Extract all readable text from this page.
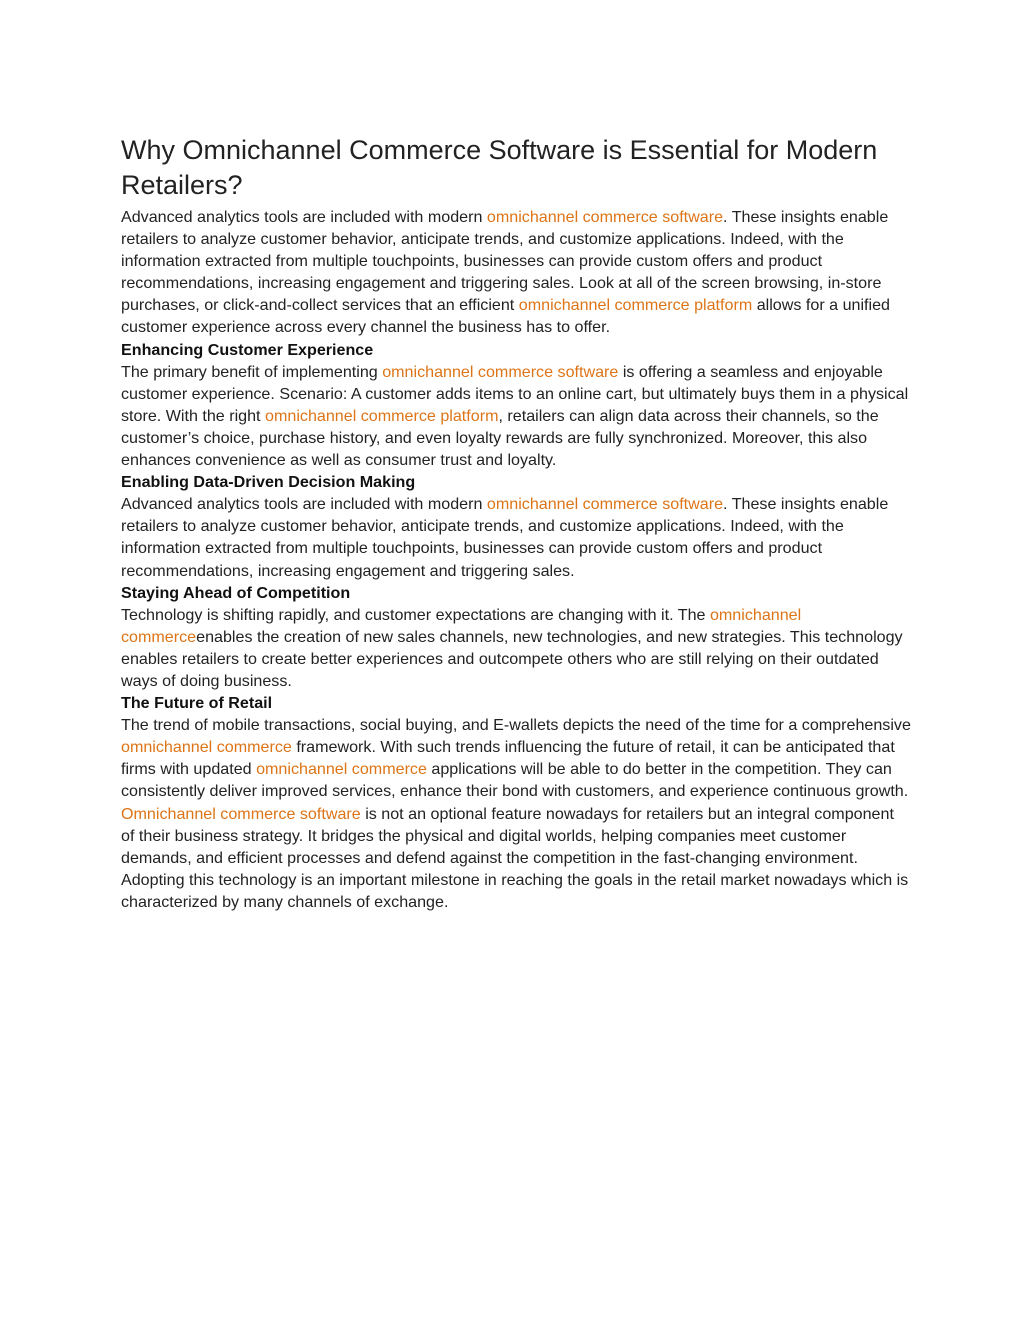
Why Omnichannel Commerce Software is Essential for Modern Retailers?

Advanced analytics tools are included with modern omnichannel commerce software. These insights enable retailers to analyze customer behavior, anticipate trends, and customize applications. Indeed, with the information extracted from multiple touchpoints, businesses can provide custom offers and product recommendations, increasing engagement and triggering sales. Look at all of the screen browsing, in-store purchases, or click-and-collect services that an efficient omnichannel commerce platform allows for a unified customer experience across every channel the business has to offer.

Enhancing Customer Experience

The primary benefit of implementing omnichannel commerce software is offering a seamless and enjoyable customer experience. Scenario: A customer adds items to an online cart, but ultimately buys them in a physical store. With the right omnichannel commerce platform, retailers can align data across their channels, so the customer’s choice, purchase history, and even loyalty rewards are fully synchronized. Moreover, this also enhances convenience as well as consumer trust and loyalty.

Enabling Data-Driven Decision Making

Advanced analytics tools are included with modern omnichannel commerce software. These insights enable retailers to analyze customer behavior, anticipate trends, and customize applications. Indeed, with the information extracted from multiple touchpoints, businesses can provide custom offers and product recommendations, increasing engagement and triggering sales.

Staying Ahead of Competition

Technology is shifting rapidly, and customer expectations are changing with it. The omnichannel commerceenables the creation of new sales channels, new technologies, and new strategies. This technology enables retailers to create better experiences and outcompete others who are still relying on their outdated ways of doing business.

The Future of Retail

The trend of mobile transactions, social buying, and E-wallets depicts the need of the time for a comprehensive omnichannel commerce framework. With such trends influencing the future of retail, it can be anticipated that firms with updated omnichannel commerce applications will be able to do better in the competition. They can consistently deliver improved services, enhance their bond with customers, and experience continuous growth.

Omnichannel commerce software is not an optional feature nowadays for retailers but an integral component of their business strategy. It bridges the physical and digital worlds, helping companies meet customer demands, and efficient processes and defend against the competition in the fast-changing environment. Adopting this technology is an important milestone in reaching the goals in the retail market nowadays which is characterized by many channels of exchange.
